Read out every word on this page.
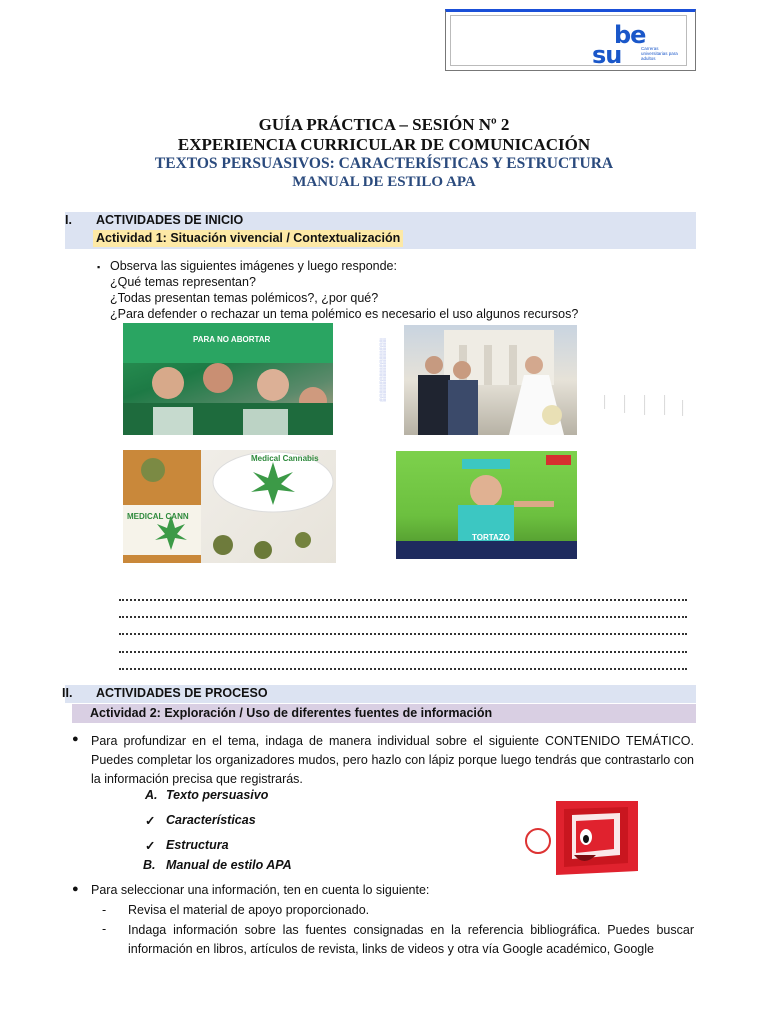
be
su	Carreras universitarias para adultos
GUÍA PRÁCTICA – SESIÓN Nº 2
EXPERIENCIA CURRICULAR DE COMUNICACIÓN
TEXTOS PERSUASIVOS: CARACTERÍSTICAS Y ESTRUCTURA
MANUAL DE ESTILO APA
I. ACTIVIDADES DE INICIO
Actividad 1: Situación vivencial / Contextualización
▪ Observa las siguientes imágenes y luego responde:
¿Qué temas representan?
¿Todas presentan temas polémicos?, ¿por qué?
¿Para defender o rechazar un tema polémico es necesario el uso algunos recursos?
PARA NO ABORTAR	░░░░░░░░░░░░░░░
······· ········· ·········· ·········· ········
Medical Cannabis
MEDICAL CANN
TORTAZO
II. ACTIVIDADES DE PROCESO
Actividad 2: Exploración / Uso de diferentes fuentes de información
● Para profundizar en el tema, indaga de manera individual sobre el siguiente CONTENIDO TEMÁTICO. Puedes completar los organizadores mudos, pero hazlo con lápiz porque luego tendrás que contrastarlo con la información precisa que registrarás.
A. Texto persuasivo
✓ Características
✓ Estructura
B. Manual de estilo APA
● Para seleccionar una información, ten en cuenta lo siguiente:
- Revisa el material de apoyo proporcionado.
- Indaga información sobre las fuentes consignadas en la referencia bibliográfica. Puedes buscar información en libros, artículos de revista, links de videos y otra vía Google académico, Google
